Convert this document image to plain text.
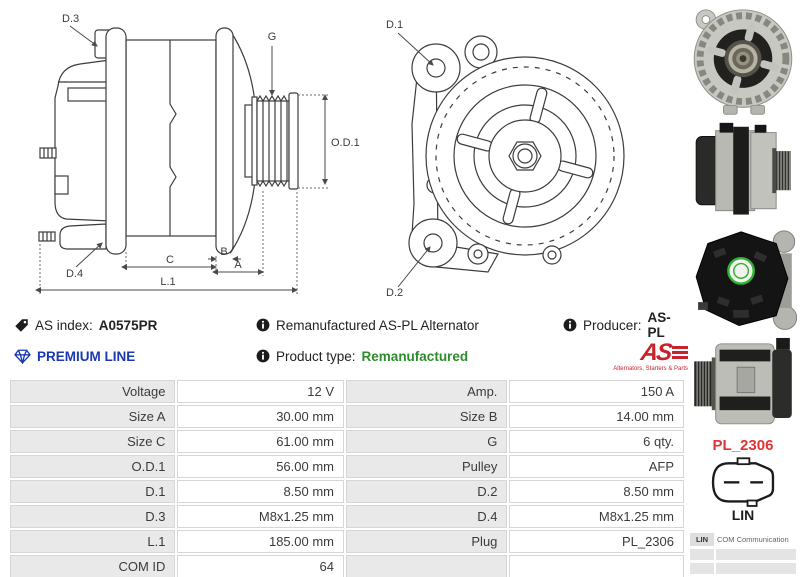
D.3
G
O.D.1
D.4
C
B
A
L.1
D.1
D.2
AS index: A0575PR	Remanufactured AS-PL Alternator	Producer: AS-PL
PREMIUM LINE	Product type: Remanufactured	AS
Alternators, Starters & Parts
Voltage	12 V	Amp.	150 A
Size A	30.00 mm	Size B	14.00 mm
Size C	61.00 mm	G	6 qty.
O.D.1	56.00 mm	Pulley	AFP
D.1	8.50 mm	D.2	8.50 mm
D.3	M8x1.25 mm	D.4	M8x1.25 mm
L.1	185.00 mm	Plug	PL_2306
COM ID	64		
PL_2306
LIN
LIN	COM Communication
